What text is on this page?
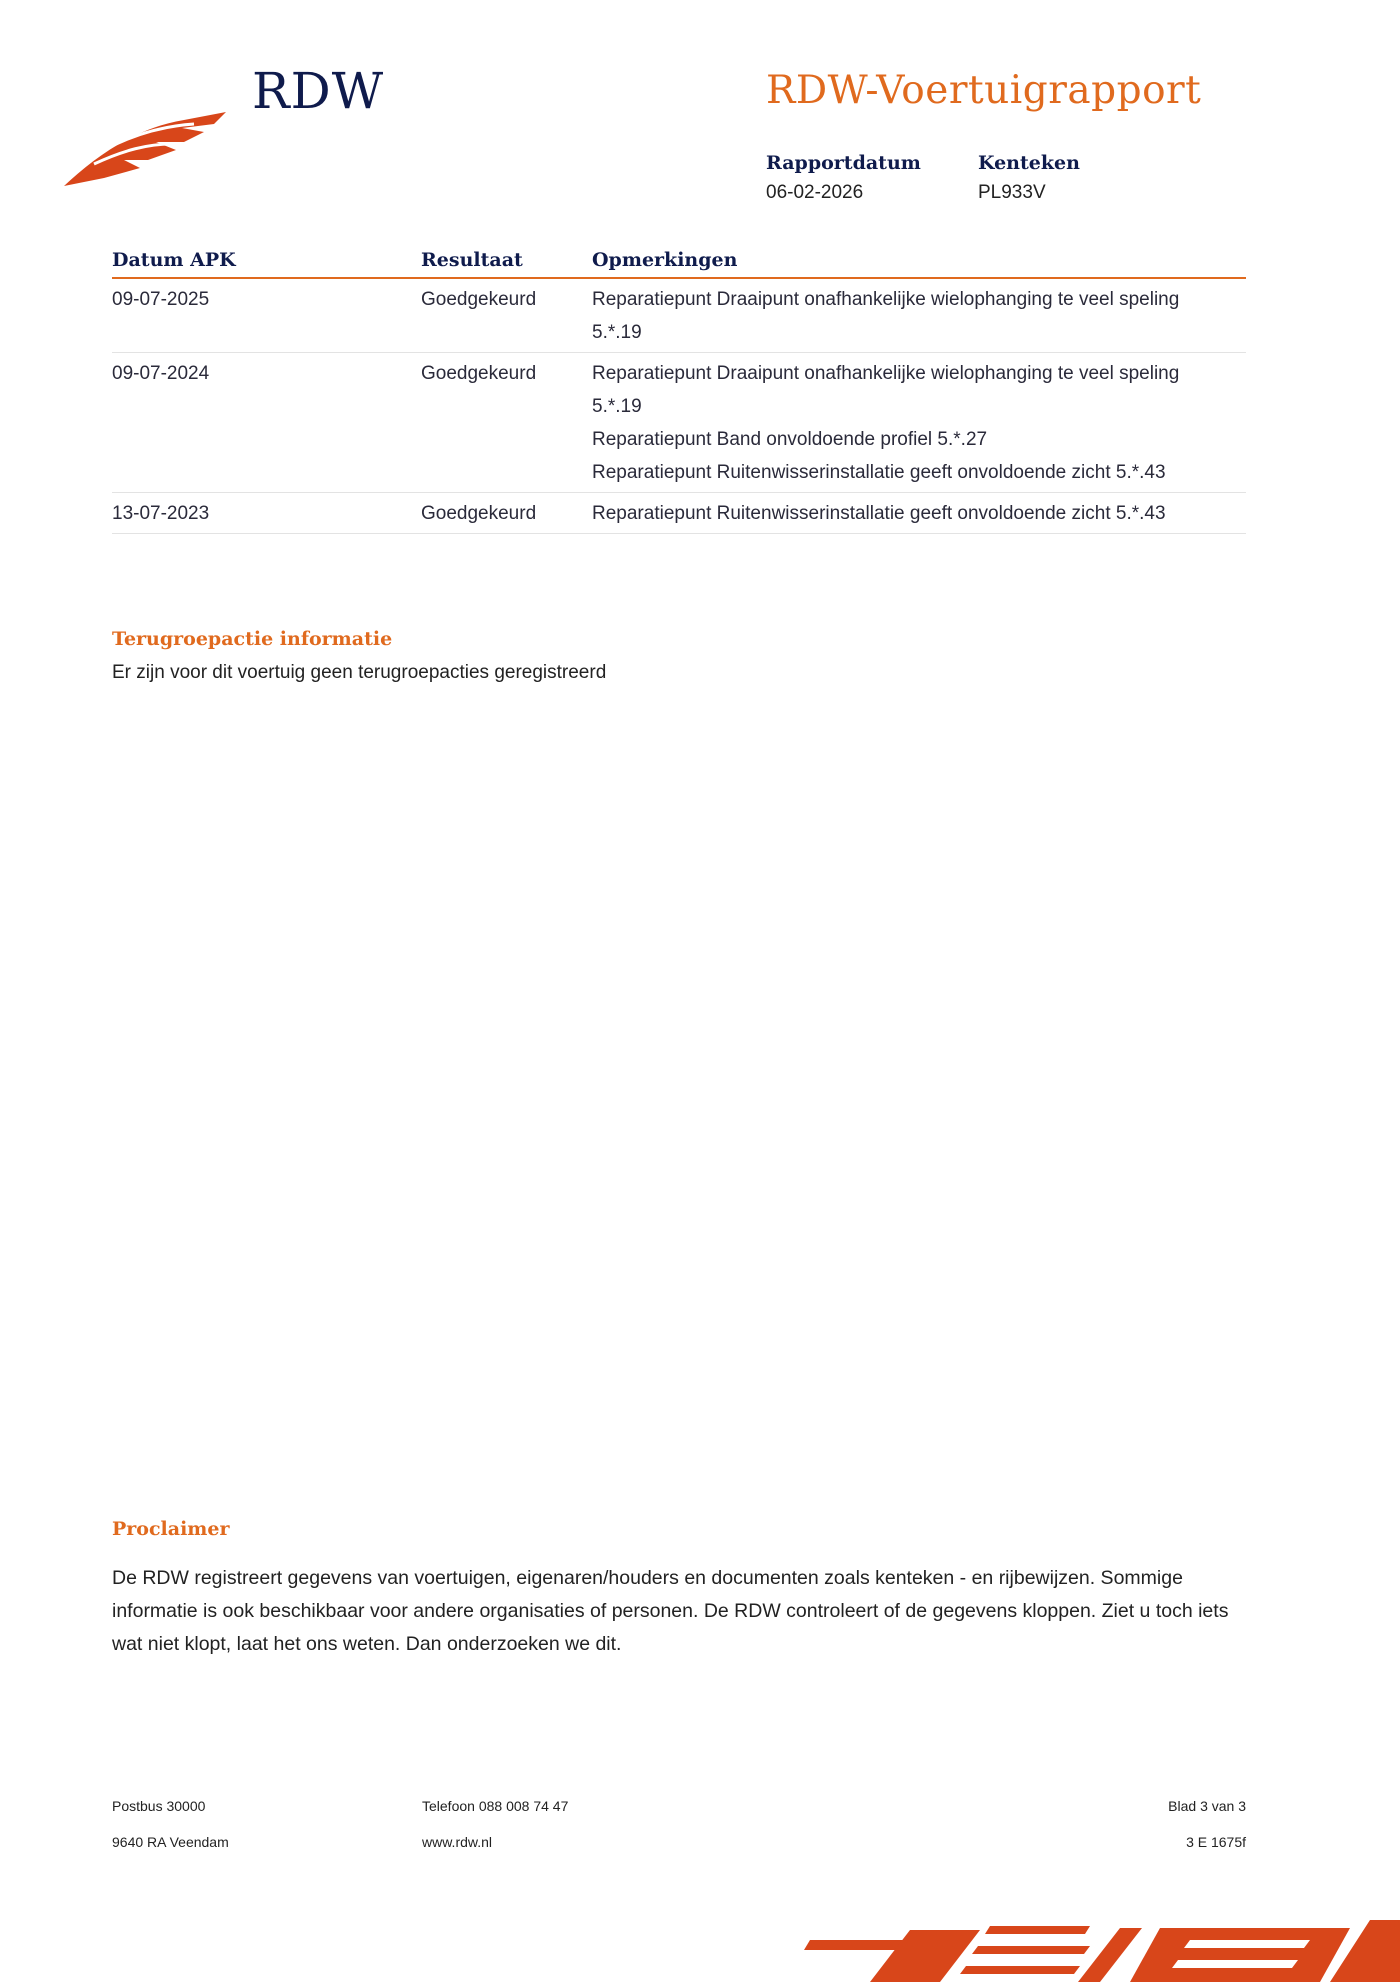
RDW	RDW-Voertuigrapport
Rapportdatum
06-02-2026
Kenteken
PL933V
Datum APK	Resultaat	Opmerkingen
09-07-2025	Goedgekeurd	Reparatiepunt Draaipunt onafhankelijke wielophanging te veel speling 5.*.19

09-07-2024	Goedgekeurd	Reparatiepunt Draaipunt onafhankelijke wielophanging te veel speling 5.*.19
Reparatiepunt Band onvoldoende profiel 5.*.27
Reparatiepunt Ruitenwisserinstallatie geeft onvoldoende zicht 5.*.43

13-07-2023	Goedgekeurd	Reparatiepunt Ruitenwisserinstallatie geeft onvoldoende zicht 5.*.43
Terugroepactie informatie
Er zijn voor dit voertuig geen terugroepacties geregistreerd
Proclaimer
De RDW registreert gegevens van voertuigen, eigenaren/houders en documenten zoals kenteken - en rijbewijzen. Sommige informatie is ook beschikbaar voor andere organisaties of personen. De RDW controleert of de gegevens kloppen. Ziet u toch iets wat niet klopt, laat het ons weten. Dan onderzoeken we dit.
Postbus 30000
9640 RA Veendam
Telefoon 088 008 74 47
www.rdw.nl
Blad 3 van 3
3 E 1675f
